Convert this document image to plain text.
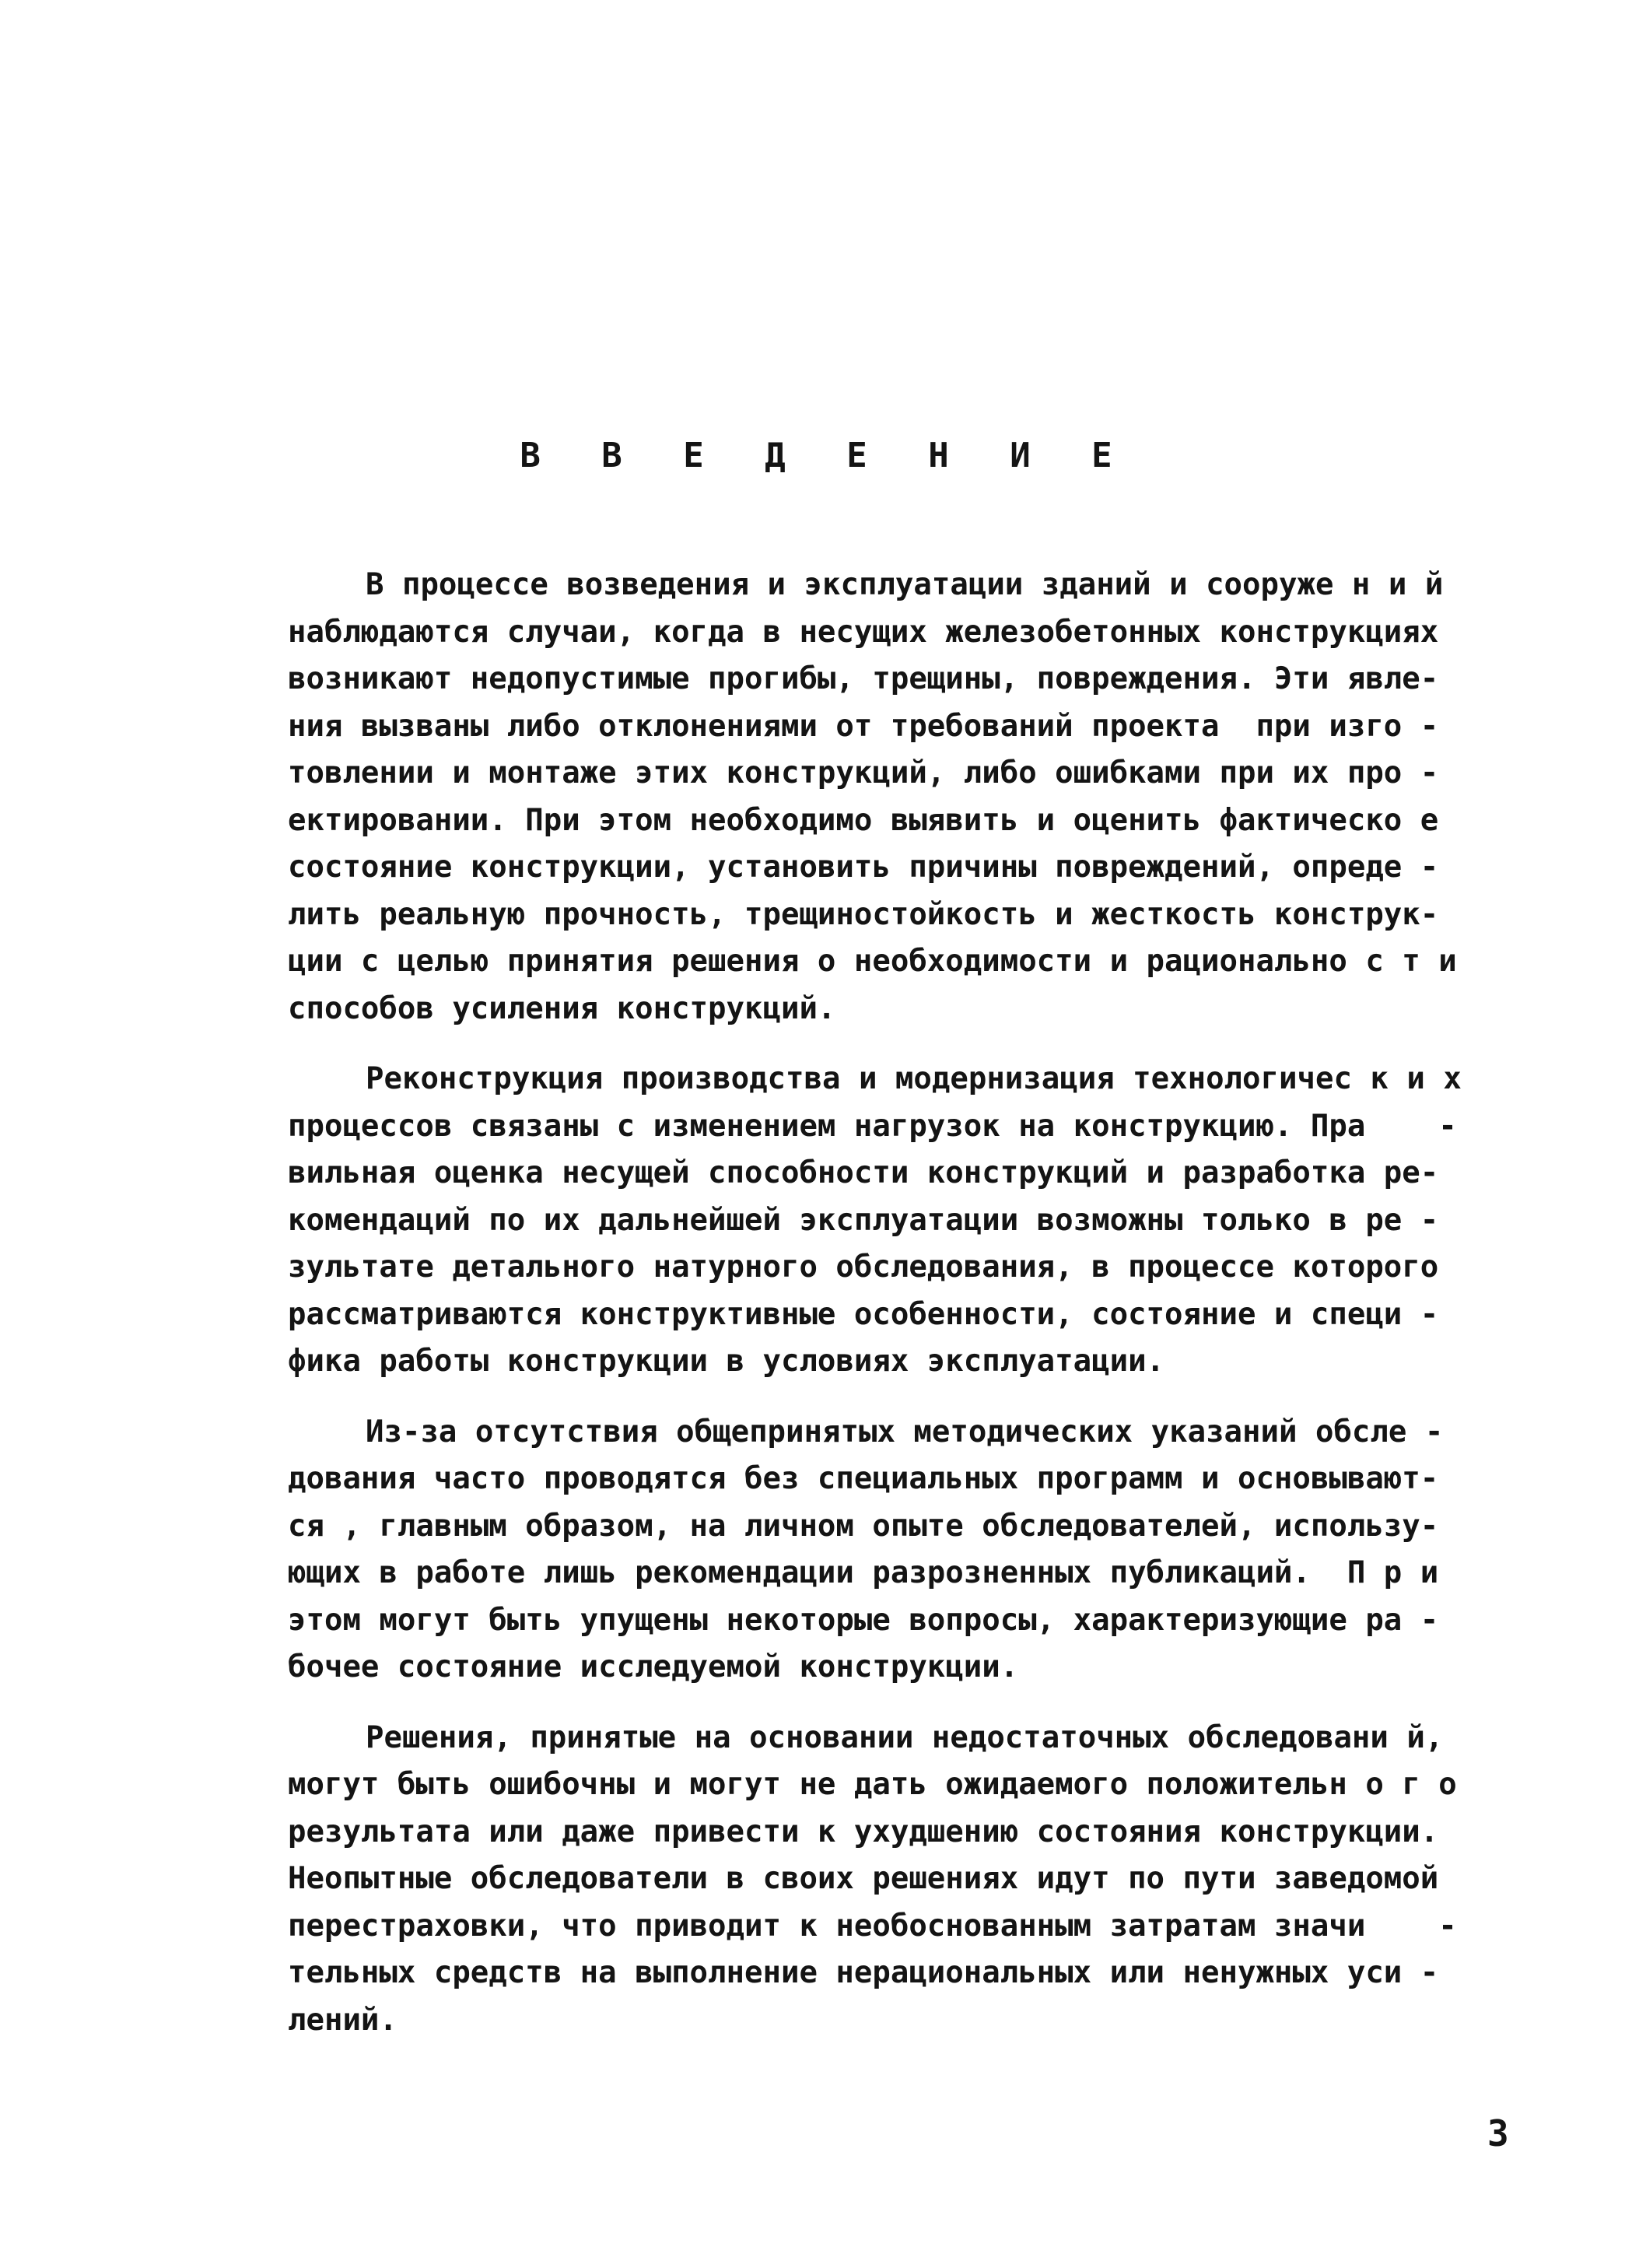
В В Е Д Е Н И Е
В процессе возведения и эксплуатации зданий и сооруже н и й
наблюдаются случаи, когда в несущих железобетонных конструкциях
возникают недопустимые прогибы, трещины, повреждения. Эти явле-
ния вызваны либо отклонениями от требований проекта  при изго -
товлении и монтаже этих конструкций, либо ошибками при их про -
ектировании. При этом необходимо выявить и оценить фактическо е
состояние конструкции, установить причины повреждений, опреде -
лить реальную прочность, трещиностойкость и жесткость конструк-
ции с целью принятия решения о необходимости и рационально с т и
способов усиления конструкций.
Реконструкция производства и модернизация технологичес к и х
процессов связаны с изменением нагрузок на конструкцию. Пра    -
вильная оценка несущей способности конструкций и разработка ре-
комендаций по их дальнейшей эксплуатации возможны только в ре -
зультате детального натурного обследования, в процессе которого
рассматриваются конструктивные особенности, состояние и специ -
фика работы конструкции в условиях эксплуатации.
Из-за отсутствия общепринятых методических указаний обсле -
дования часто проводятся без специальных программ и основывают-
ся , главным образом, на личном опыте обследователей, использу-
ющих в работе лишь рекомендации разрозненных публикаций.  П р и
этом могут быть упущены некоторые вопросы, характеризующие ра -
бочее состояние исследуемой конструкции.
Решения, принятые на основании недостаточных обследовани й,
могут быть ошибочны и могут не дать ожидаемого положительн о г о
результата или даже привести к ухудшению состояния конструкции.
Неопытные обследователи в своих решениях идут по пути заведомой
перестраховки, что приводит к необоснованным затратам значи    -
тельных средств на выполнение нерациональных или ненужных уси -
лений.
3
